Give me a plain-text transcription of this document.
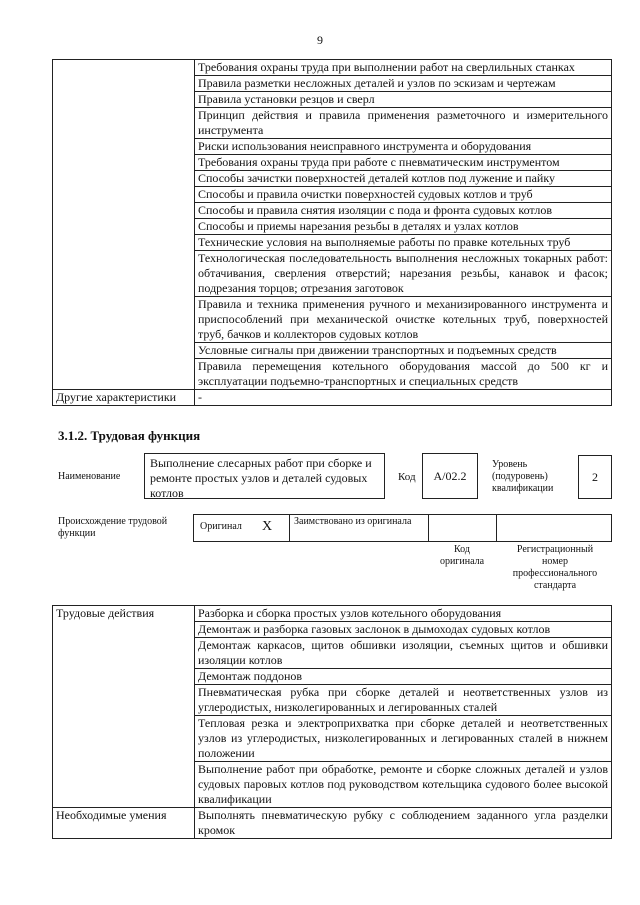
9
	Требования охраны труда при выполнении работ на сверлильных станках
	Правила разметки несложных деталей и узлов по эскизам и чертежам
	Правила установки резцов и сверл
	Принцип действия и правила применения разметочного и измерительного инструмента
	Риски использования неисправного инструмента и оборудования
	Требования охраны труда при работе с пневматическим инструментом
	Способы зачистки поверхностей деталей котлов под лужение и пайку
	Способы и правила очистки поверхностей судовых котлов и труб
	Способы и правила снятия изоляции с пода и фронта судовых котлов
	Способы и приемы нарезания резьбы в деталях и узлах котлов
	Технические условия на выполняемые работы по правке котельных труб
	Технологическая последовательность выполнения несложных токарных работ: обтачивания, сверления отверстий; нарезания резьбы, канавок и фасок; подрезания торцов; отрезания заготовок
	Правила и техника применения ручного и механизированного инструмента и приспособлений при механической очистке котельных труб, поверхностей труб, бачков и коллекторов судовых котлов
	Условные сигналы при движении транспортных и подъемных средств
	Правила перемещения котельного оборудования массой до 500 кг и эксплуатации подъемно-транспортных и специальных средств
Другие характеристики	-
3.1.2. Трудовая функция
Наименование
Выполнение слесарных работ при сборке и ремонте простых узлов и деталей судовых котлов
Код	A/02.2
Уровень (подуровень) квалификации
2
Происхождение трудовой функции
Оригинал X Заимствовано из оригинала
Код оригинала
Регистрационный номер профессионального стандарта
Трудовые действия	Разборка и сборка простых узлов котельного оборудования
	Демонтаж и разборка газовых заслонок в дымоходах судовых котлов
	Демонтаж каркасов, щитов обшивки изоляции, съемных щитов и обшивки изоляции котлов
	Демонтаж поддонов
	Пневматическая рубка при сборке деталей и неответственных узлов из углеродистых, низколегированных и легированных сталей
	Тепловая резка и электроприхватка при сборке деталей и неответственных узлов из углеродистых, низколегированных и легированных сталей в нижнем положении
	Выполнение работ при обработке, ремонте и сборке сложных деталей и узлов судовых паровых котлов под руководством котельщика судового более высокой квалификации
Необходимые умения	Выполнять пневматическую рубку с соблюдением заданного угла разделки кромок
